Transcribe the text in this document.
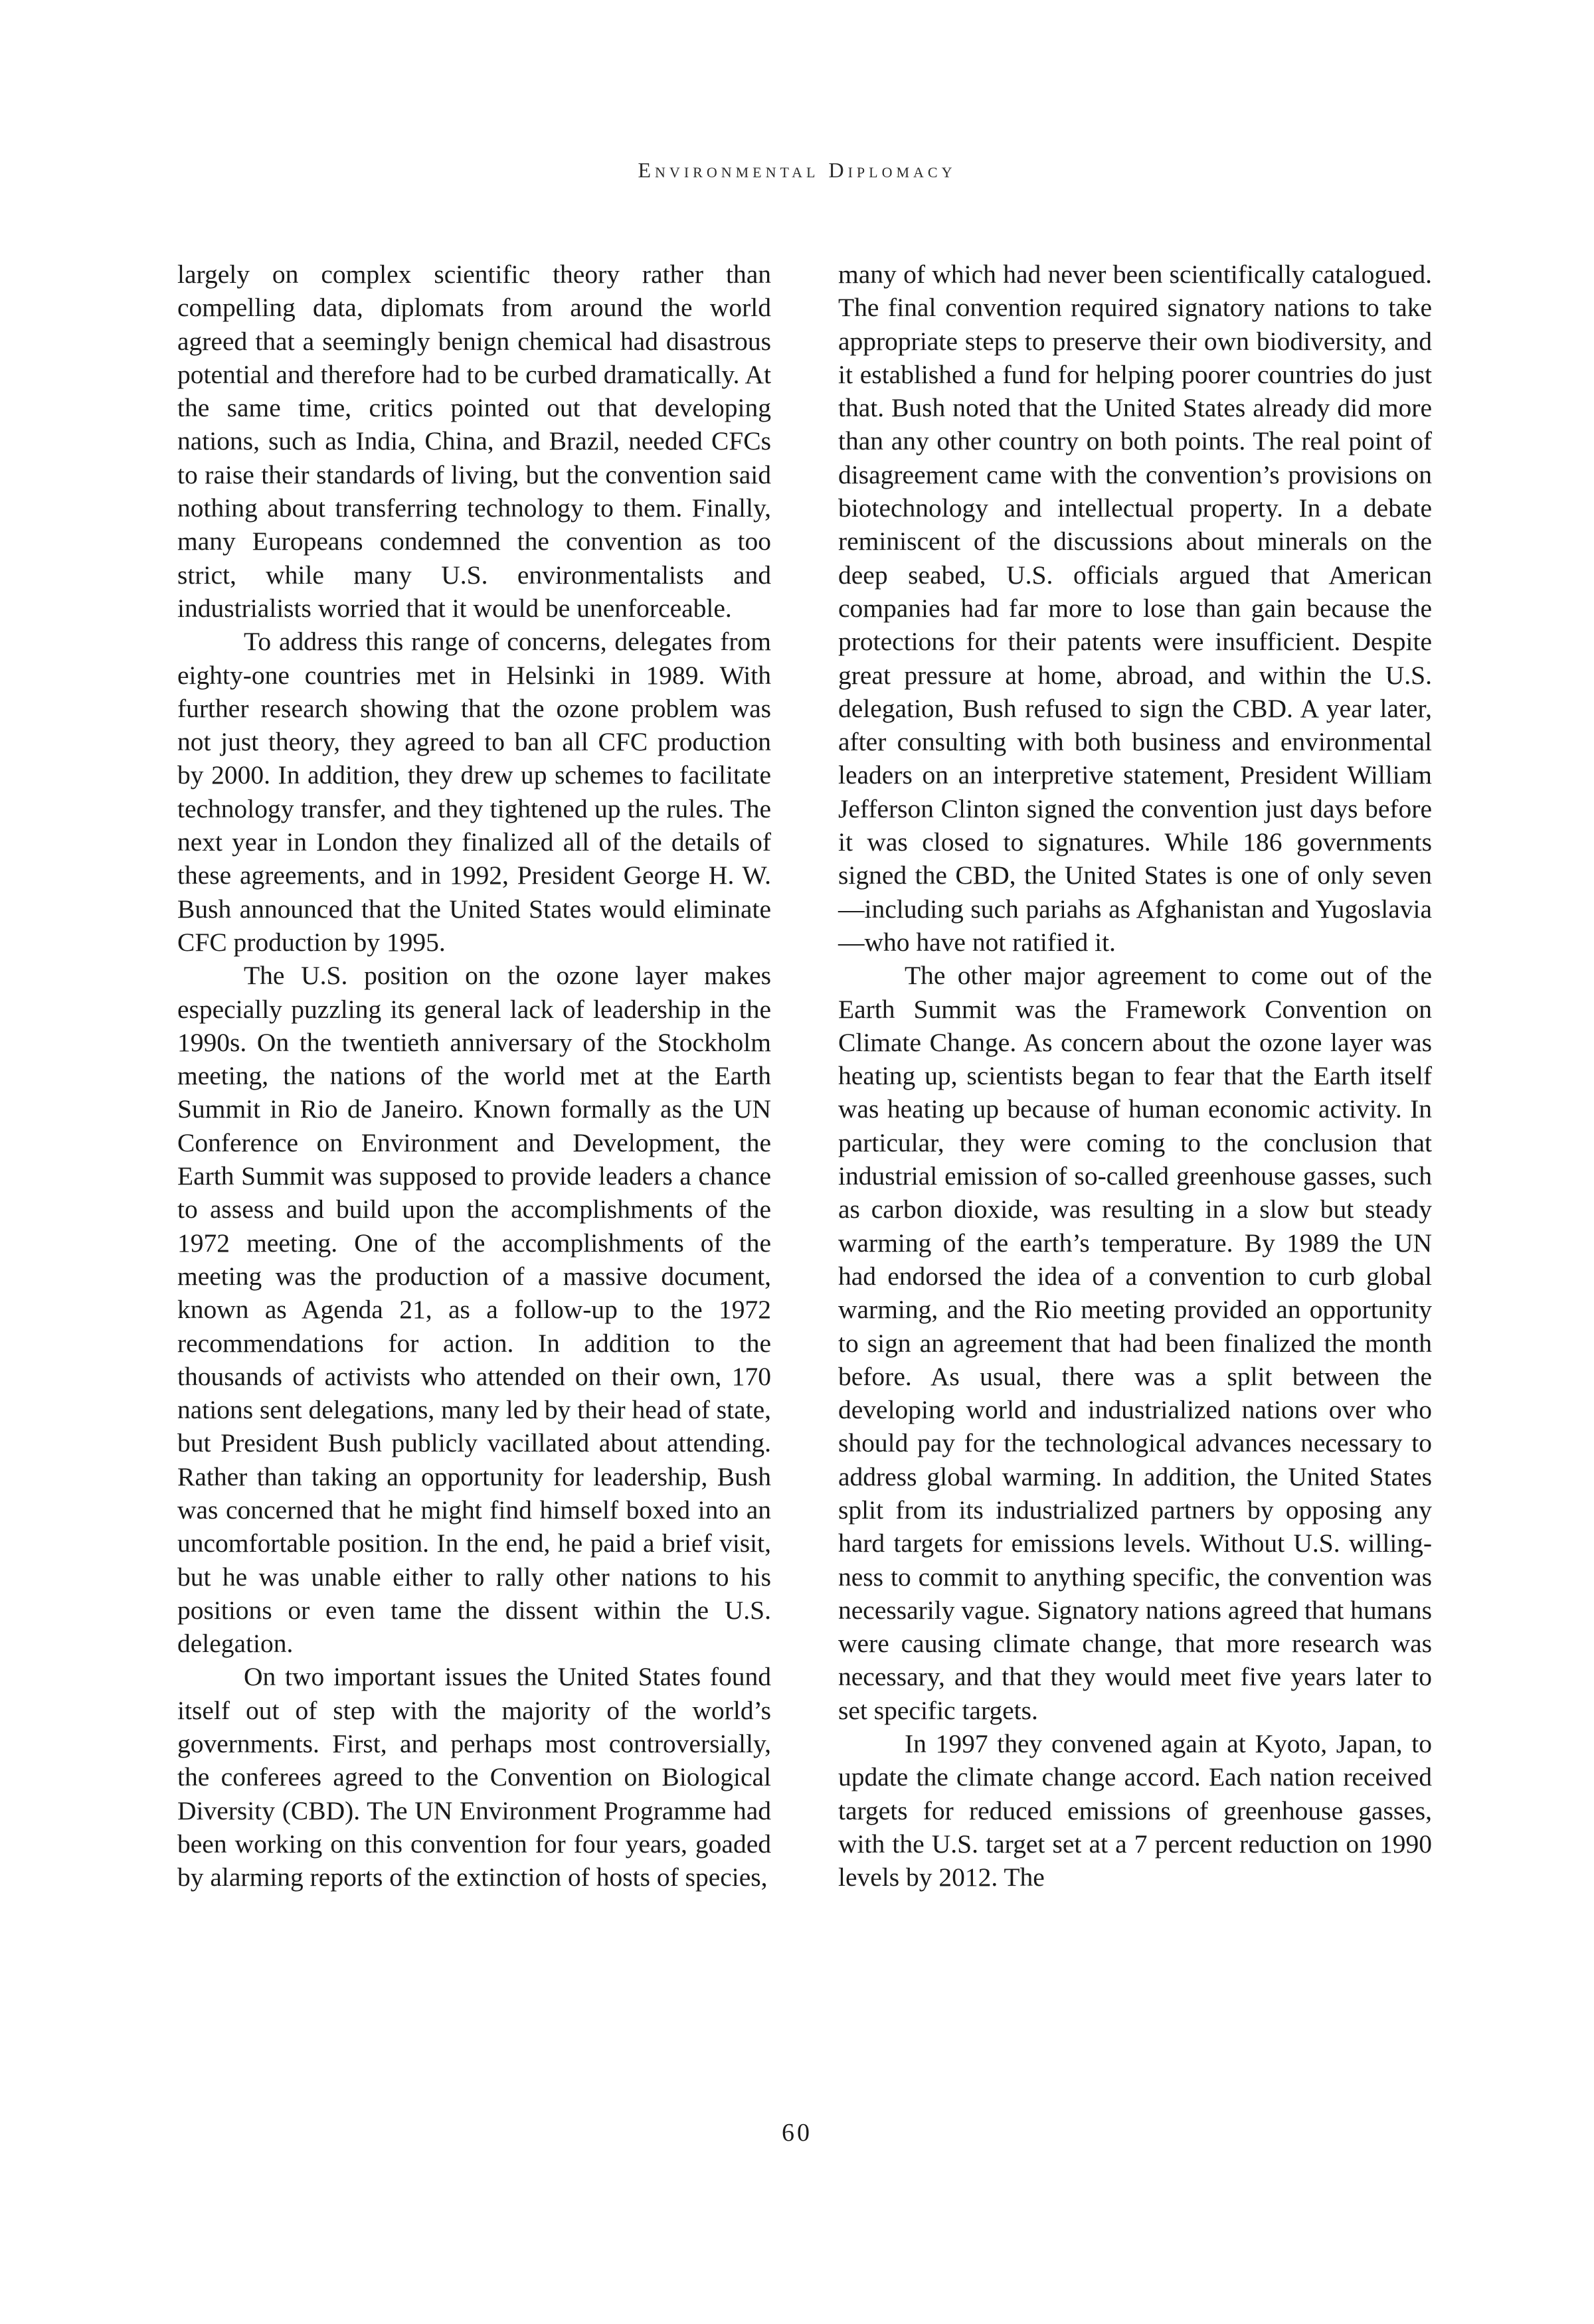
Environmental Diplomacy

largely on complex scientific theory rather than compelling data, diplomats from around the world agreed that a seemingly benign chemical had disastrous potential and therefore had to be curbed dramatically. At the same time, critics pointed out that developing nations, such as India, China, and Brazil, needed CFCs to raise their standards of living, but the convention said nothing about transferring technology to them. Finally, many Europeans condemned the convention as too strict, while many U.S. environmentalists and industrialists worried that it would be unenforceable.

To address this range of concerns, delegates from eighty-one countries met in Helsinki in 1989. With further research showing that the ozone problem was not just theory, they agreed to ban all CFC production by 2000. In addition, they drew up schemes to facilitate technology transfer, and they tightened up the rules. The next year in London they finalized all of the details of these agreements, and in 1992, President George H. W. Bush announced that the United States would eliminate CFC production by 1995.

The U.S. position on the ozone layer makes especially puzzling its general lack of leadership in the 1990s. On the twentieth anniversary of the Stockholm meeting, the nations of the world met at the Earth Summit in Rio de Janeiro. Known formally as the UN Conference on Environment and Development, the Earth Summit was supposed to provide leaders a chance to assess and build upon the accomplishments of the 1972 meeting. One of the accomplishments of the meeting was the production of a massive document, known as Agenda 21, as a follow-up to the 1972 recommendations for action. In addition to the thousands of activists who attended on their own, 170 nations sent delegations, many led by their head of state, but President Bush publicly vacillated about attending. Rather than taking an opportunity for leadership, Bush was concerned that he might find himself boxed into an uncomfortable position. In the end, he paid a brief visit, but he was unable either to rally other nations to his positions or even tame the dissent within the U.S. delegation.

On two important issues the United States found itself out of step with the majority of the world’s governments. First, and perhaps most controversially, the conferees agreed to the Convention on Biological Diversity (CBD). The UN Environment Programme had been working on this convention for four years, goaded by alarming reports of the extinction of hosts of species,

many of which had never been scientifically catalogued. The final convention required signatory nations to take appropriate steps to preserve their own biodiversity, and it established a fund for helping poorer countries do just that. Bush noted that the United States already did more than any other country on both points. The real point of disagreement came with the convention’s provisions on biotechnology and intellectual property. In a debate reminiscent of the discussions about minerals on the deep seabed, U.S. officials argued that American companies had far more to lose than gain because the protections for their patents were insufficient. Despite great pressure at home, abroad, and within the U.S. delegation, Bush refused to sign the CBD. A year later, after consulting with both business and environmental leaders on an interpretive statement, President William Jefferson Clinton signed the convention just days before it was closed to signatures. While 186 governments signed the CBD, the United States is one of only seven—including such pariahs as Afghanistan and Yugoslavia—who have not ratified it.

The other major agreement to come out of the Earth Summit was the Framework Convention on Climate Change. As concern about the ozone layer was heating up, scientists began to fear that the Earth itself was heating up because of human economic activity. In particular, they were coming to the conclusion that industrial emission of so-called greenhouse gasses, such as carbon dioxide, was resulting in a slow but steady warming of the earth’s temperature. By 1989 the UN had endorsed the idea of a convention to curb global warming, and the Rio meeting provided an opportunity to sign an agreement that had been finalized the month before. As usual, there was a split between the developing world and industrialized nations over who should pay for the technological advances necessary to address global warming. In addition, the United States split from its industrialized partners by opposing any hard targets for emissions levels. Without U.S. willingness to commit to anything specific, the convention was necessarily vague. Signatory nations agreed that humans were causing climate change, that more research was necessary, and that they would meet five years later to set specific targets.

In 1997 they convened again at Kyoto, Japan, to update the climate change accord. Each nation received targets for reduced emissions of greenhouse gasses, with the U.S. target set at a 7 percent reduction on 1990 levels by 2012. The

60
